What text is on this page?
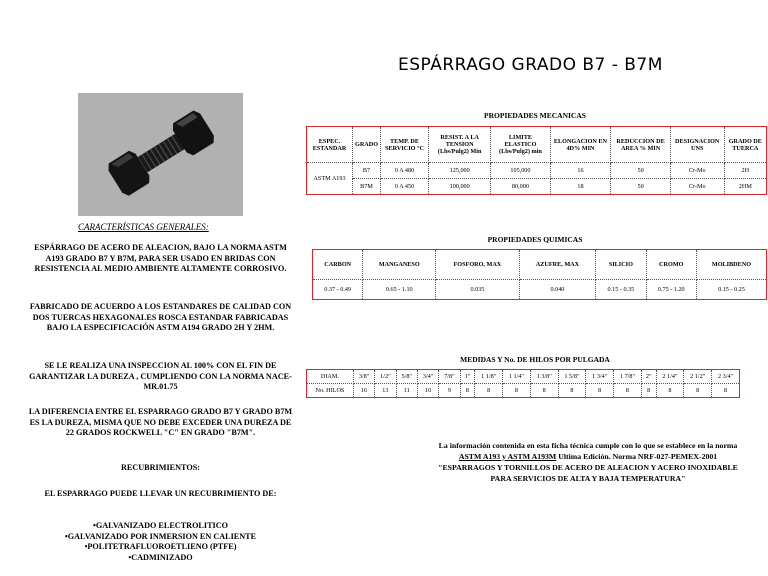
ESPÁRRAGO GRADO B7 - B7M
CARACTERÍSTICAS GENERALES:
ESPÁRRAGO DE ACERO DE ALEACION, BAJO LA NORMA ASTM A193 GRADO B7 Y B7M, PARA SER USADO EN BRIDAS CON RESISTENCIA AL MEDIO AMBIENTE ALTAMENTE CORROSIVO.
FABRICADO DE ACUERDO A LOS ESTANDARES DE CALIDAD CON DOS TUERCAS HEXAGONALES ROSCA ESTANDAR FABRICADAS BAJO LA ESPECIFICACIÓN ASTM A194 GRADO 2H Y 2HM.
SE LE REALIZA UNA INSPECCION AL 100% CON EL FIN DE GARANTIZAR LA DUREZA , CUMPLIENDO CON LA NORMA NACE-MR.01.75
LA DIFERENCIA ENTRE EL ESPARRAGO GRADO B7 Y GRADO B7M ES LA DUREZA, MISMA QUE NO DEBE EXCEDER UNA DUREZA DE 22 GRADOS ROCKWELL "C" EN GRADO "B7M".
RECUBRIMIENTOS:
EL ESPARRAGO PUEDE LLEVAR UN RECUBRIMIENTO DE:
•GALVANIZADO ELECTROLITICO
•GALVANIZADO POR INMERSION EN CALIENTE
•POLITETRAFLUOROETLIENO (PTFE)
•CADMINIZADO
PROPIEDADES MECANICAS
ESPEC. ESTANDAR	GRADO	TEMP. DE SERVICIO °C	RESIST. A LA TENSION (Lbs/Pulg2) Min	LIMITE ELASTICO (Lbs/Pulg2) min	ELONGACION EN 4D% MIN	REDUCCION DE AREA % MIN	DESIGNACION UNS	GRADO DE TUERCA
ASTM A193	B7	0 A 480	125,000	105,000	16	50	Cr-Mo	2H
	B7M	0 A 450	100,000	80,000	18	50	Cr-Mo	2HM
PROPIEDADES QUIMICAS
CARBON	MANGANESO	FOSFORO, MAX	AZUFRE, MAX	SILICIO	CROMO	MOLIBDENO
0.37 - 0.49	0.65 - 1.10	0.035	0.040	0.15 - 0.35	0.75 - 1.20	0.15 - 0.25
MEDIDAS Y No. DE HILOS POR PULGADA
DIAM.	3/8"	1/2"	5/8"	3/4"	7/8"	1"	1 1/8"	1 1/4"	1 3/8"	1 5/8"	1 3/4"	1 7/8"	2"	2 1/4"	2 1/2"	2 3/4"
No. HILOS	16	13	11	10	9	8	8	8	8	8	8	8	8	8	8	8
La información contenida en esta ficha técnica cumple con lo que se establece en la norma ASTM A193 y ASTM A193M Ultima Edición. Norma NRF-027-PEMEX-2001 "ESPARRAGOS Y TORNILLOS DE ACERO DE ALEACION Y ACERO INOXIDABLE PARA SERVICIOS DE ALTA Y BAJA TEMPERATURA"
